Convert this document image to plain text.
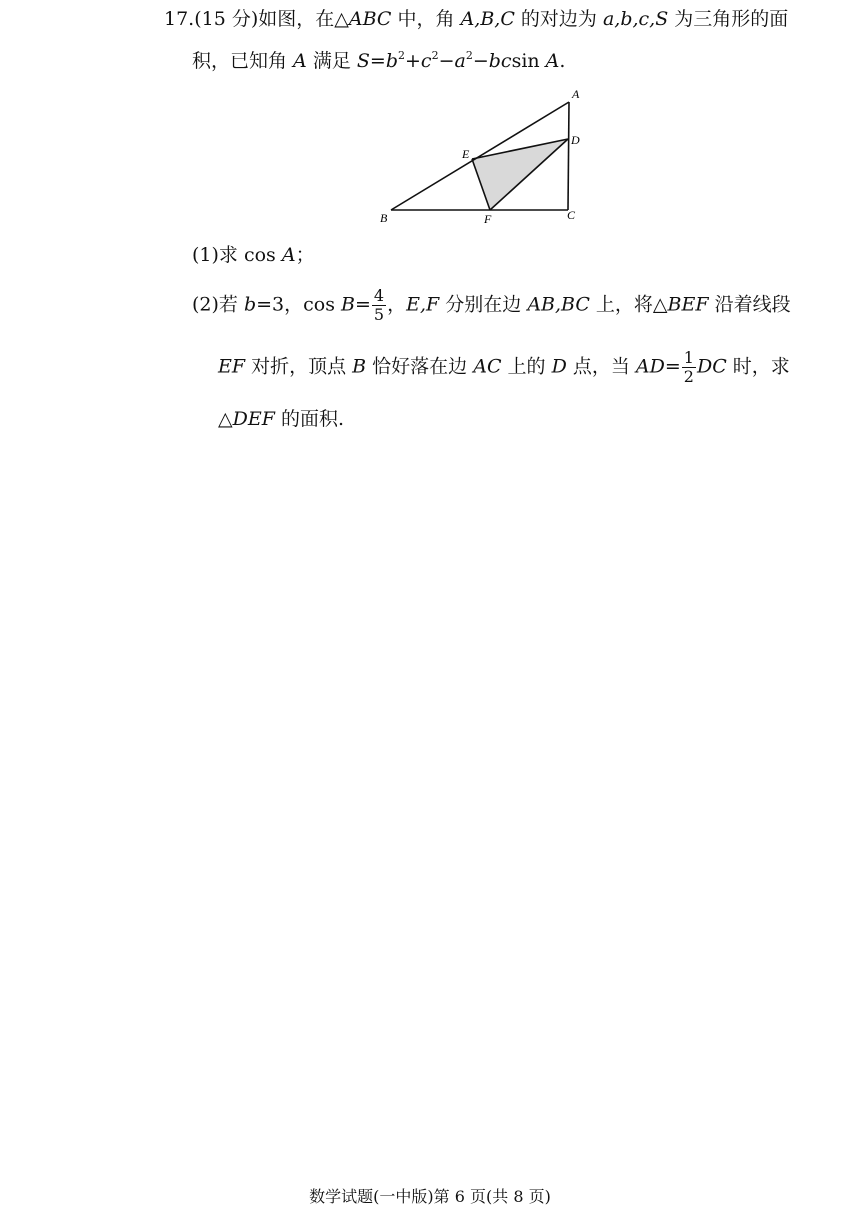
17.(15 分)如图，在△ABC 中，角 A,B,C 的对边为 a,b,c,S 为三角形的面
积，已知角 A 满足 $S=b^2+c^2-a^2-bcsin$ A.
A
B	C
D
E
F
(1)求 cos A；
(2)若 b=3，$\cos B= \frac{4}{5}$ ，E,F 分别在边 AB,BC 上，将△BEF 沿着线段
EF 对折，顶点 B 恰好落在边 AC 上的 D 点，当 $AD= \frac{1}{2}$ DC 时，求
△DEF 的面积.
数学试题(一中版)第 6 页(共 8 页)
